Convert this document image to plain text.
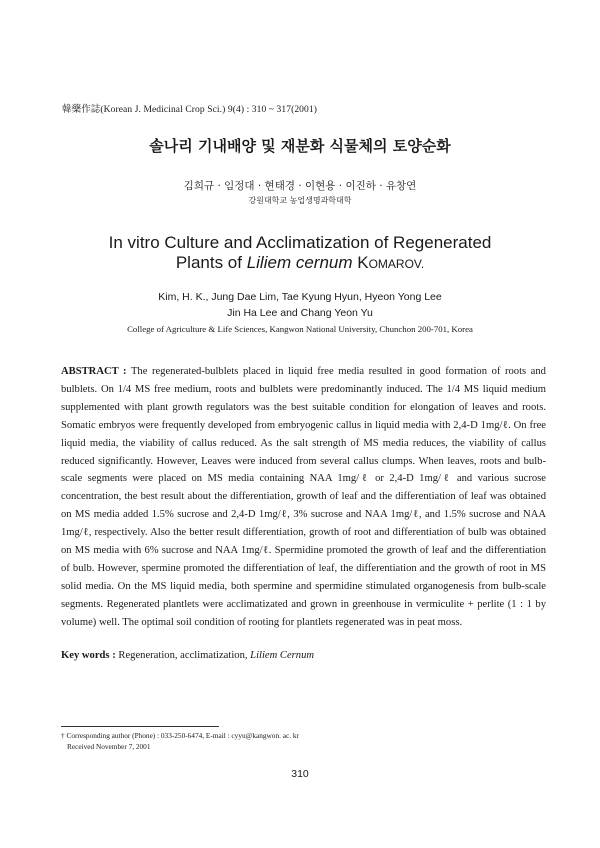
韓藥作誌(Korean J. Medicinal Crop Sci.) 9(4) : 310 ~ 317(2001)
솔나리 기내배양 및 재분화 식물체의 토양순화
김희규 · 임정대 · 현태경 · 이현용 · 이진하 · 유창연
강원대학교 농업생명과학대학
In vitro Culture and Acclimatization of Regenerated
Plants of Liliem cernum KOMAROV.
Kim, H. K., Jung Dae Lim, Tae Kyung Hyun, Hyeon Yong Lee
Jin Ha Lee and Chang Yeon Yu
College of Agriculture & Life Sciences, Kangwon National University, Chunchon 200-701, Korea
ABSTRACT : The regenerated-bulblets placed in liquid free media resulted in good formation of roots and bulblets. On 1/4 MS free medium, roots and bulblets were predominantly induced. The 1/4 MS liquid medium supplemented with plant growth regulators was the best suitable condition for elongation of leaves and roots. Somatic embryos were frequently developed from embryogenic callus in liquid media with 2,4-D 1mg/ℓ. On free liquid media, the viability of callus reduced. As the salt strength of MS media reduces, the viability of callus reduced significantly. However, Leaves were induced from several callus clumps. When leaves, roots and bulb-scale segments were placed on MS media containing NAA 1mg/ℓ or 2,4-D 1mg/ℓ and various sucrose concentration, the best result about the differentiation, growth of leaf and the differentiation of leaf was obtained on MS media added 1.5% sucrose and 2,4-D 1mg/ℓ, 3% sucrose and NAA 1mg/ℓ, and 1.5% sucrose and NAA 1mg/ℓ, respectively. Also the better result differentiation, growth of root and differentiation of bulb was obtained on MS media with 6% sucrose and NAA 1mg/ℓ. Spermidine promoted the growth of leaf and the differentiation of bulb. However, spermine promoted the differentiation of leaf, the differentiation and the growth of root in MS solid media. On the MS liquid media, both spermine and spermidine stimulated organogenesis from bulb-scale segments. Regenerated plantlets were acclimatizated and grown in greenhouse in vermiculite + perlite (1 : 1 by volume) well. The optimal soil condition of rooting for plantlets regenerated was in peat moss.
Key words : Regeneration, acclimatization, Liliem Cernum
† Corresponding author (Phone) : 033-250-6474, E-mail : cyyu@kangwon. ac. kr
Received November 7, 2001
310
